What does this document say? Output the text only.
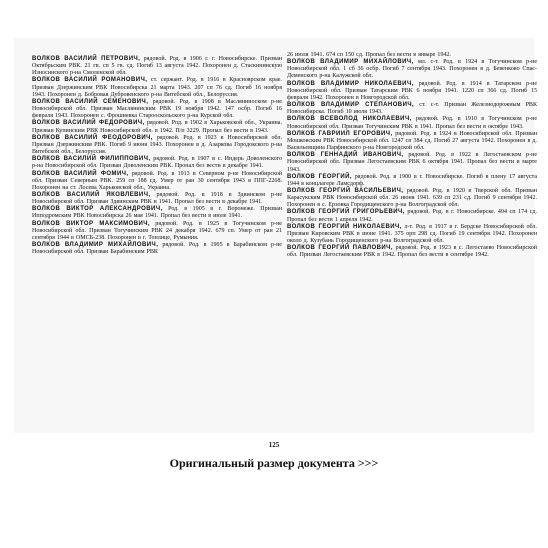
ВОЛКОВ ВАСИЛИЙ ПЕТРОВИЧ, рядовой. Род. в 1906 г. г. Новосибирске. Призван Октябрьским РВК. 21 гв. сп 5 гв. сд. Погиб 13 августа 1942. Похоронен д. Стаскининскую Износинского р-на Смоленской обл.

ВОЛКОВ ВАСИЛИЙ РОМАНОВИЧ, ст. сержант. Род. в 1916 в Красноярском крае. Призван Дзержинским РВК Новосибирска 21 марта 1943. 207 сп 76 сд. Погиб 16 ноября 1943. Похоронен д. Бобровая Дубровенского р-на Витебской обл., Белоруссия.

ВОЛКОВ ВАСИЛИЙ СЕМЕНОВИЧ, рядовой. Род. в 1908 в Масляниноском р-не Новосибирской обл. Призван Маслянинским РВК 19 ноября 1942. 147 осбр. Погиб 16 февраля 1943. Похоронен с. Фрошиевка Старооскольского р-на Курской обл.

ВОЛКОВ ВАСИЛИЙ ФЕДОРОВИЧ, рядовой. Род. в 1902 в Харьковской обл., Украина. Призван Купинским РВК Новосибирской обл. в 1942. П/п 3229. Пропал без вести в 1943.

ВОЛКОВ ВАСИЛИЙ ФЕОДОРОВИЧ, рядовой. Род. в 1923 в Новосибирской обл. Призван Дзержинским РВК. Погиб 9 июня 1943. Похоронен в д. Азаркова Городокского р-на Витебской обл., Белоруссия.

ВОЛКОВ ВАСИЛИЙ ФИЛИППОВИЧ, рядовой. Род. в 1907 в с. Индерь Доволенского р-на Новосибирской обл. Призван Доволенским РВК. Пропал без вести в декабре 1941.

ВОЛКОВ ВАСИЛИЙ ФОМИЧ, рядовой. Род. в 1913 в Северном р-не Новосибирской обл. Призван Северным РВК. 259 сп 188 сд. Умер от ран 30 сентября 1943 в ППГ-2268. Похоронен на ст. Лосева Харьковской обл., Украина.

ВОЛКОВ ВАСИЛИЙ ЯКОВЛЕВИЧ, рядовой. Род. в 1918 в Здвинском р-не Новосибирской обл. Призван Здвинским РВК в 1941. Пропал без вести в декабре 1941.

ВОЛКОВ ВИКТОР АЛЕКСАНДРОВИЧ, Род. в 1905 в г. Воронеже. Призван Ипподромским РВК Новосибирска 26 мая 1941. Пропал без вести в июле 1941.

ВОЛКОВ ВИКТОР МАКСИМОВИЧ, рядовой. Род. в 1925 в Тогучинском р-не Новосибирской обл. Призван Тогучинским РВК 24 декабря 1942. 679 сп. Умер от ран 21 сентября 1944 в ОМСБ-238. Похоронен в г. Топлице, Румыния.

ВОЛКОВ ВЛАДИМИР МИХАЙЛОВИЧ, рядовой. Род. в 1905 в Барабинском р-не Новосибирской обл. Призван Барабинским РВК

26 июля 1941. 674 сп 150 сд. Пропал без вести в январе 1942.

ВОЛКОВ ВЛАДИМИР МИХАЙЛОВИЧ, мл. с-т. Род. в 1924 в Тогучинском р-не Новосибирской обл. 1 сб 36 осбр. Погиб 7 сентября 1943. Похоронен в д. Бевенково Спас-Деменского р-на Калужской обл.

ВОЛКОВ ВЛАДИМИР НИКОЛАЕВИЧ, рядовой. Род. в 1914 в Татарском р-не Новосибирской обл. Призван Татарским РВК 6 ноября 1941. 1220 сп 366 сд. Погиб 15 февраля 1942. Похоронен в Новгородской обл.

ВОЛКОВ ВЛАДИМИР СТЕПАНОВИЧ, ст. с-т. Призван Железнодорожным РВК Новосибирска. Погиб 10 июля 1943.

ВОЛКОВ ВСЕВОЛОД НИКОЛАЕВИЧ, рядовой. Род. в 1910 в Тогучинском р-не Новосибирской обл. Призван Тогучинским РВК в 1941. Пропал без вести в октябре 1943.

ВОЛКОВ ГАВРИИЛ ЕГОРОВИЧ, рядовой. Род. в 1924 в Новосибирской обл. Призван Мошковским РВК Новосибирской обл. 1247 сп 384 сд. Погиб 27 августа 1942. Похоронен в д. Васильевщина Парфинского р-на Новгородской обл.

ВОЛКОВ ГЕННАДИЙ ИВАНОВИЧ, рядовой. Род. в 1922 в Легостаевском р-не Новосибирской обл. Призван Легостаевским РВК 6 октября 1941. Пропал без вести в марте 1943.

ВОЛКОВ ГЕОРГИЙ, рядовой. Род. в 1900 в г. Новосибирске. Погиб в плену 17 августа 1944 в концлагере Ламсдорф.

ВОЛКОВ ГЕОРГИЙ ВАСИЛЬЕВИЧ, рядовой. Род. в 1920 в Тверской обл. Призван Карасукским РВК Новосибирской обл. 26 июня 1941. 639 сп 231 сд. Погиб 9 сентября 1942. Похоронен в с. Ерзовка Городищенского р-на Волгоградской обл.

ВОЛКОВ ГЕОРГИЙ ГРИГОРЬЕВИЧ, рядовой. Род. в г. Новосибирске. 494 сп 174 сд. Пропал без вести 1 апреля 1942.

ВОЛКОВ ГЕОРГИЙ НИКОЛАЕВИЧ, л-т. Род. в 1917 в г. Бердске Новосибирской обл. Призван Кировским РВК в июне 1941. 375 орп 298 сд. Погиб 19 сентября 1942. Похоронен около д. Кузубань Городищенского р-на Волгоградской обл.

ВОЛКОВ ГЕОРГИЙ ПАВЛОВИЧ, рядовой. Род. в 1923 в с. Легостаево Новосибирской обл. Призван Легостаевским РВК в 1942. Пропал без вести в сентябре 1942.

125
Оригинальный размер документа >>>
